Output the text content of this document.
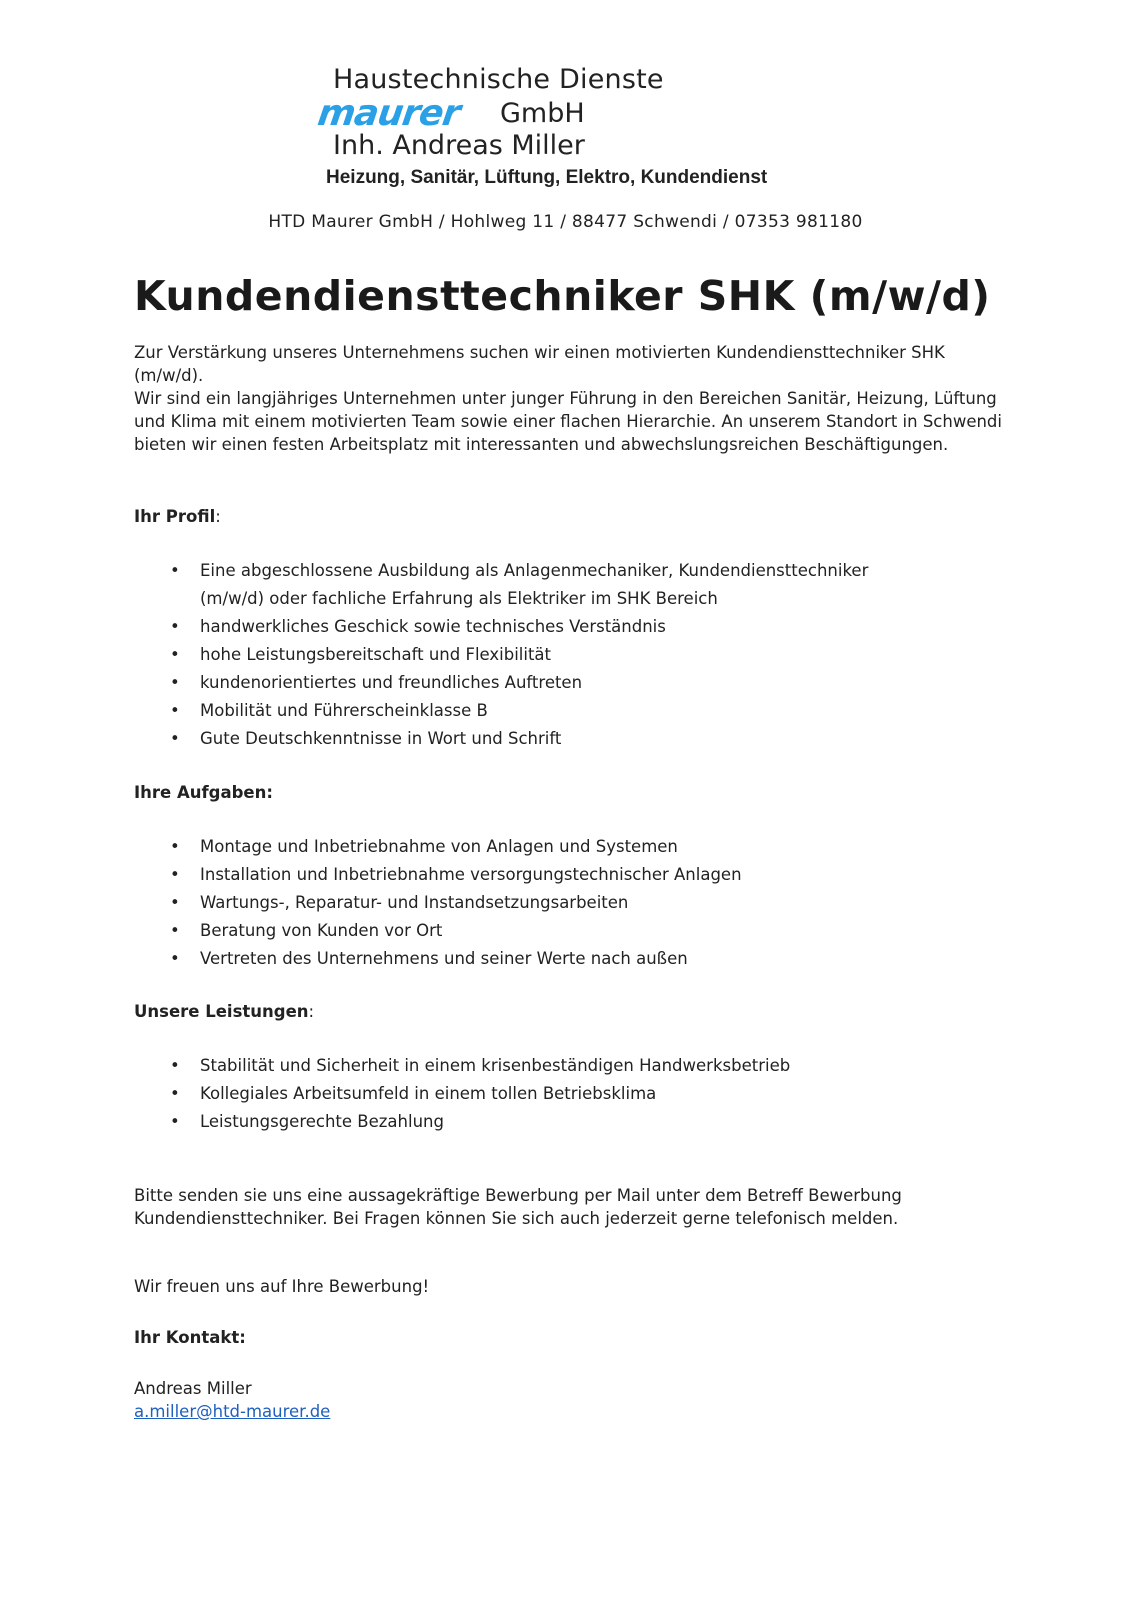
Haustechnische Dienste
maurer GmbH
Inh. Andreas Miller
Heizung, Sanitär, Lüftung, Elektro, Kundendienst
HTD Maurer GmbH / Hohlweg 11 / 88477 Schwendi / 07353 981180
Kundendiensttechniker SHK (m/w/d)

Zur Verstärkung unseres Unternehmens suchen wir einen motivierten Kundendiensttechniker SHK (m/w/d).

Wir sind ein langjähriges Unternehmen unter junger Führung in den Bereichen Sanitär, Heizung, Lüftung und Klima mit einem motivierten Team sowie einer flachen Hierarchie. An unserem Standort in Schwendi bieten wir einen festen Arbeitsplatz mit interessanten und abwechslungsreichen Beschäftigungen.

Ihr Profil:
• Eine abgeschlossene Ausbildung als Anlagenmechaniker, Kundendiensttechniker (m/w/d) oder fachliche Erfahrung als Elektriker im SHK Bereich
• handwerkliches Geschick sowie technisches Verständnis
• hohe Leistungsbereitschaft und Flexibilität
• kundenorientiertes und freundliches Auftreten
• Mobilität und Führerscheinklasse B
• Gute Deutschkenntnisse in Wort und Schrift
Ihre Aufgaben:
• Montage und Inbetriebnahme von Anlagen und Systemen
• Installation und Inbetriebnahme versorgungstechnischer Anlagen
• Wartungs-, Reparatur- und Instandsetzungsarbeiten
• Beratung von Kunden vor Ort
• Vertreten des Unternehmens und seiner Werte nach außen
Unsere Leistungen:
• Stabilität und Sicherheit in einem krisenbeständigen Handwerksbetrieb
• Kollegiales Arbeitsumfeld in einem tollen Betriebsklima
• Leistungsgerechte Bezahlung

Bitte senden sie uns eine aussagekräftige Bewerbung per Mail unter dem Betreff Bewerbung Kundendiensttechniker. Bei Fragen können Sie sich auch jederzeit gerne telefonisch melden.

Wir freuen uns auf Ihre Bewerbung!

Ihr Kontakt:

Andreas Miller

a.miller@htd-maurer.de
